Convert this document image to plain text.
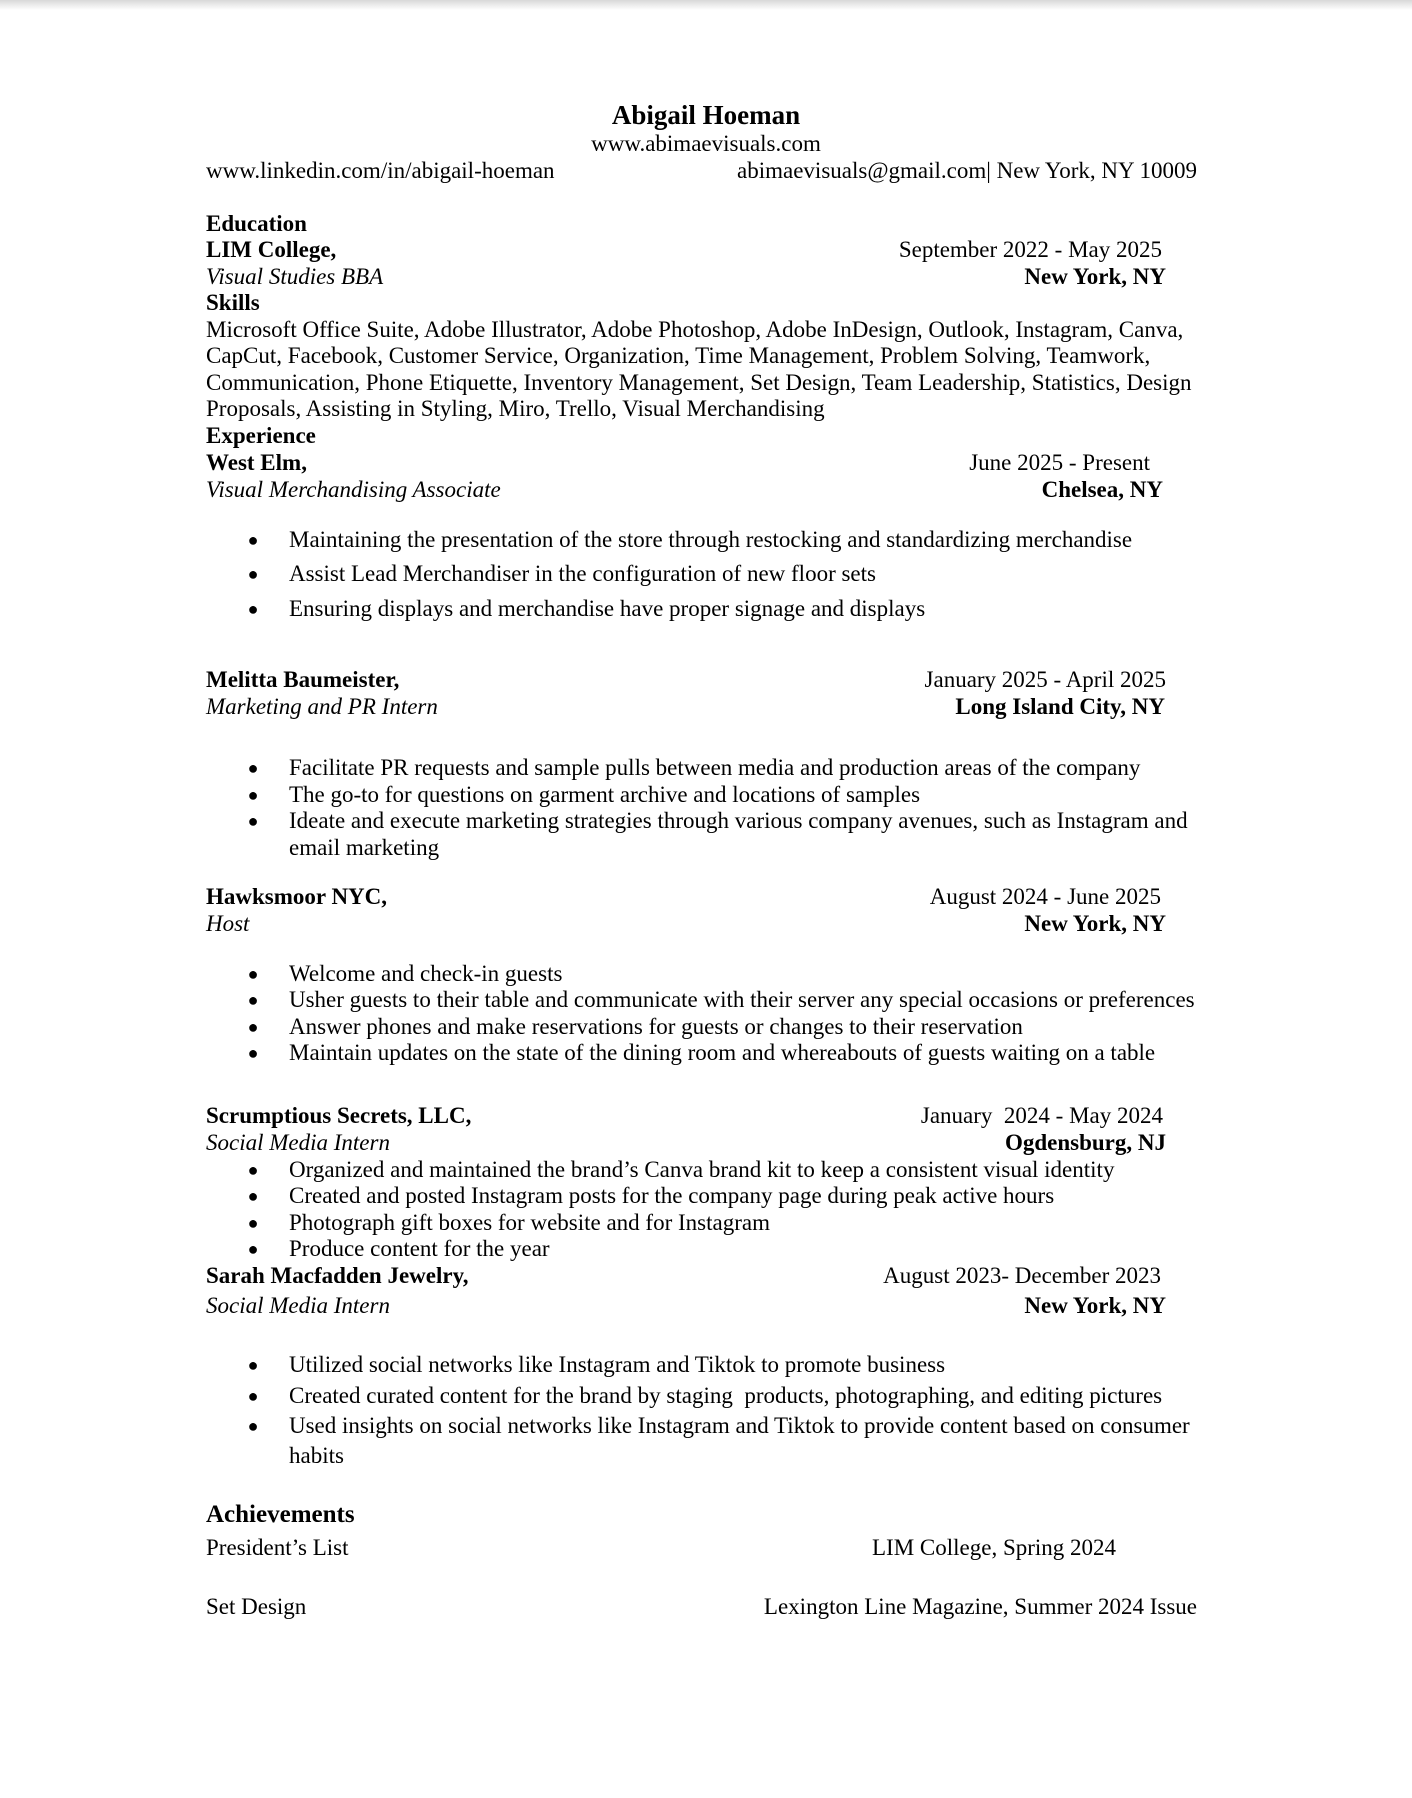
Abigail Hoeman
www.abimaevisuals.com
www.linkedin.com/in/abigail-hoeman	abimaevisuals@gmail.com| New York, NY 10009
Education
LIM College,	September 2022 - May 2025
Visual Studies BBA	New York, NY
Skills
Microsoft Office Suite, Adobe Illustrator, Adobe Photoshop, Adobe InDesign, Outlook, Instagram, Canva,
CapCut, Facebook, Customer Service, Organization, Time Management, Problem Solving, Teamwork,
Communication, Phone Etiquette, Inventory Management, Set Design, Team Leadership, Statistics, Design
Proposals, Assisting in Styling, Miro, Trello, Visual Merchandising
Experience
West Elm,	June 2025 - Present
Visual Merchandising Associate	Chelsea, NY
● Maintaining the presentation of the store through restocking and standardizing merchandise
● Assist Lead Merchandiser in the configuration of new floor sets
● Ensuring displays and merchandise have proper signage and displays
Melitta Baumeister,	January 2025 - April 2025
Marketing and PR Intern	Long Island City, NY
● Facilitate PR requests and sample pulls between media and production areas of the company
● The go-to for questions on garment archive and locations of samples
● Ideate and execute marketing strategies through various company avenues, such as Instagram and
email marketing
Hawksmoor NYC,	August 2024 - June 2025
Host	New York, NY
● Welcome and check-in guests
● Usher guests to their table and communicate with their server any special occasions or preferences
● Answer phones and make reservations for guests or changes to their reservation
● Maintain updates on the state of the dining room and whereabouts of guests waiting on a table
Scrumptious Secrets, LLC,	January  2024 - May 2024
Social Media Intern	Ogdensburg, NJ
● Organized and maintained the brand’s Canva brand kit to keep a consistent visual identity
● Created and posted Instagram posts for the company page during peak active hours
● Photograph gift boxes for website and for Instagram
● Produce content for the year
Sarah Macfadden Jewelry,	August 2023- December 2023
Social Media Intern	New York, NY
● Utilized social networks like Instagram and Tiktok to promote business
● Created curated content for the brand by staging  products, photographing, and editing pictures
● Used insights on social networks like Instagram and Tiktok to provide content based on consumer
habits
Achievements
President’s List	LIM College, Spring 2024
Set Design	Lexington Line Magazine, Summer 2024 Issue
